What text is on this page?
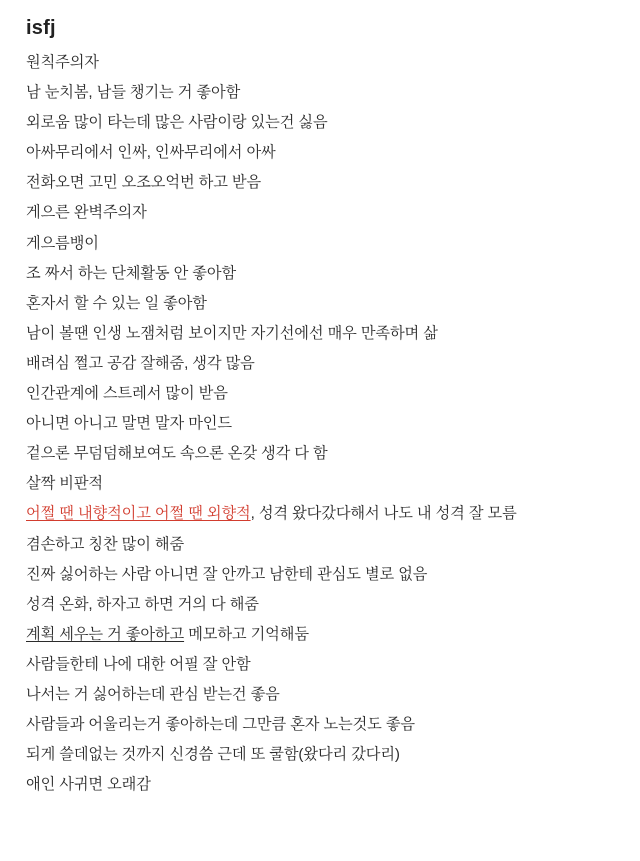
isfj
원칙주의자
남 눈치봄, 남들 챙기는 거 좋아함
외로움 많이 타는데 많은 사람이랑 있는건 싫음
아싸무리에서 인싸, 인싸무리에서 아싸
전화오면 고민 오조오억번 하고 받음
게으른 완벽주의자
게으름뱅이
조 짜서 하는 단체활동 안 좋아함
혼자서 할 수 있는 일 좋아함
남이 볼땐 인생 노잼처럼 보이지만 자기선에선 매우 만족하며 삶
배려심 쩔고 공감 잘해줌, 생각 많음
인간관계에 스트레서 많이 받음
아니면 아니고 말면 말자 마인드
겉으론 무덤덤해보여도 속으론 온갖 생각 다 함
살짝 비판적
어쩔 땐 내향적이고 어쩔 땐 외향적, 성격 왔다갔다해서 나도 내 성격 잘 모름
겸손하고 칭찬 많이 해줌
진짜 싫어하는 사람 아니면 잘 안까고 남한테 관심도 별로 없음
성격 온화, 하자고 하면 거의 다 해줌
계획 세우는 거 좋아하고 메모하고 기억해둠
사람들한테 나에 대한 어필 잘 안함
나서는 거 싫어하는데 관심 받는건 좋음
사람들과 어울리는거 좋아하는데 그만큼 혼자 노는것도 좋음
되게 쓸데없는 것까지 신경씀 근데 또 쿨함(왔다리 갔다리)
애인 사귀면 오래감
